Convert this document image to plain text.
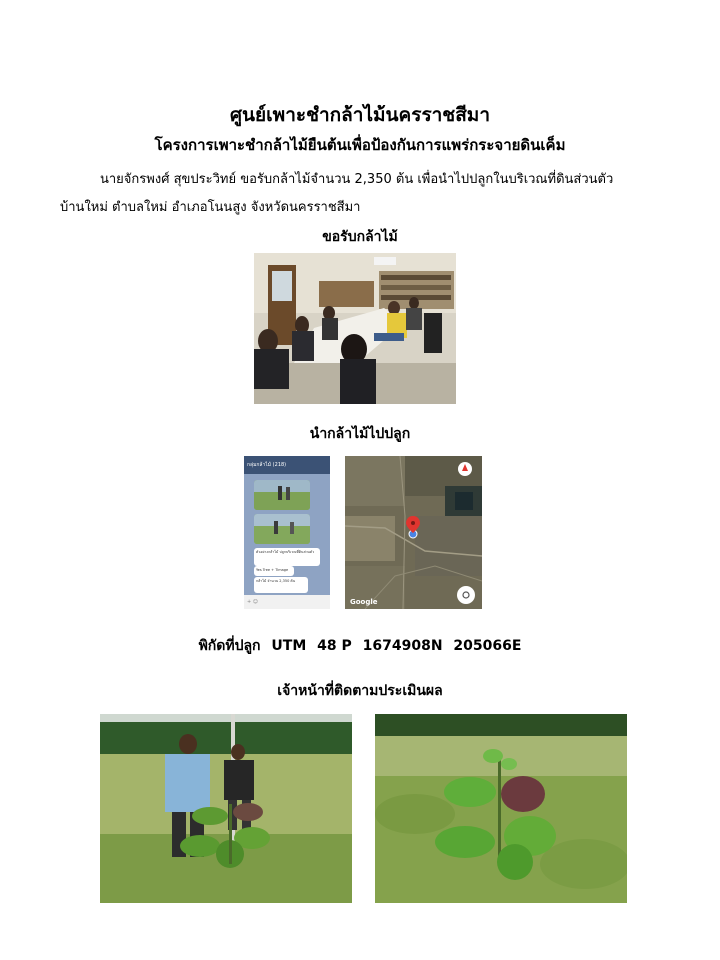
ศูนย์เพาะชำกล้าไม้นครราชสีมา
โครงการเพาะชำกล้าไม้ยืนต้นเพื่อป้องกันการแพร่กระจายดินเค็ม
นายจักรพงศ์ สุขประวิทย์ ขอรับกล้าไม้จำนวน 2,350 ต้น เพื่อนำไปปลูกในบริเวณที่ดินส่วนตัว
บ้านใหม่ ตำบลใหม่ อำเภอโนนสูง จังหวัดนครราชสีมา
ขอรับกล้าไม้
นำกล้าไม้ไปปลูก
กลุ่มกล้าไม้ (218)
ตัวอย่างกล้าไม้ ปลูกบริเวณที่ดินส่วนตัว
Yes Tree + Timage
กล้าไม้ จำนวน 2,350 ต้น
+ ☺	Google
พิกัดที่ปลูก UTM 48 P 1674908N 205066E
เจ้าหน้าที่ติดตามประเมินผล
